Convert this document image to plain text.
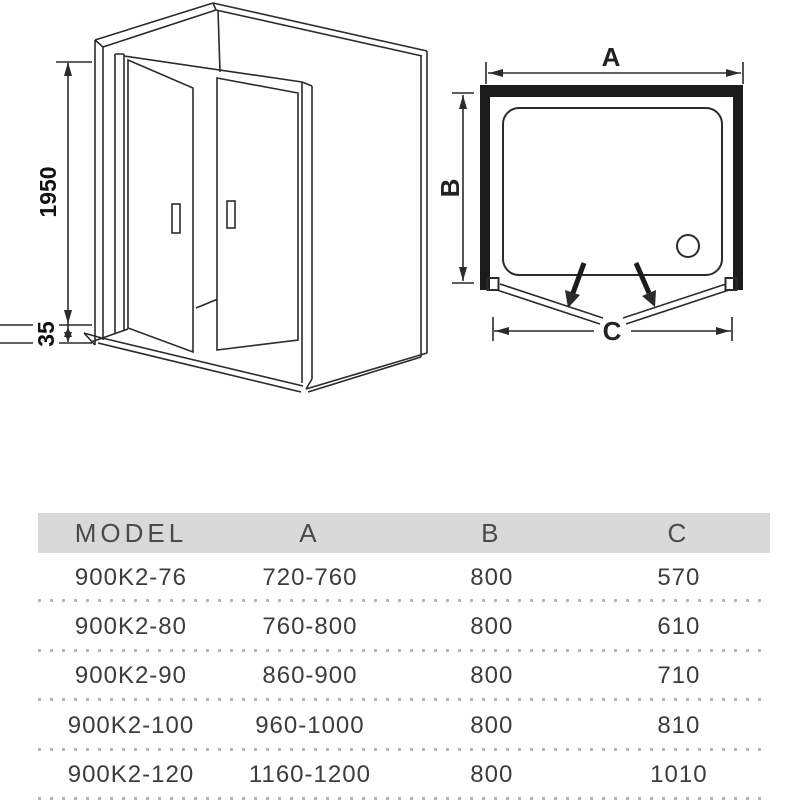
1950
35
A
B
C
MODEL	A	B	C
900K2-76	720-760	800	570
900K2-80	760-800	800	610
900K2-90	860-900	800	710
900K2-100	960-1000	800	810
900K2-120	1160-1200	800	1010
